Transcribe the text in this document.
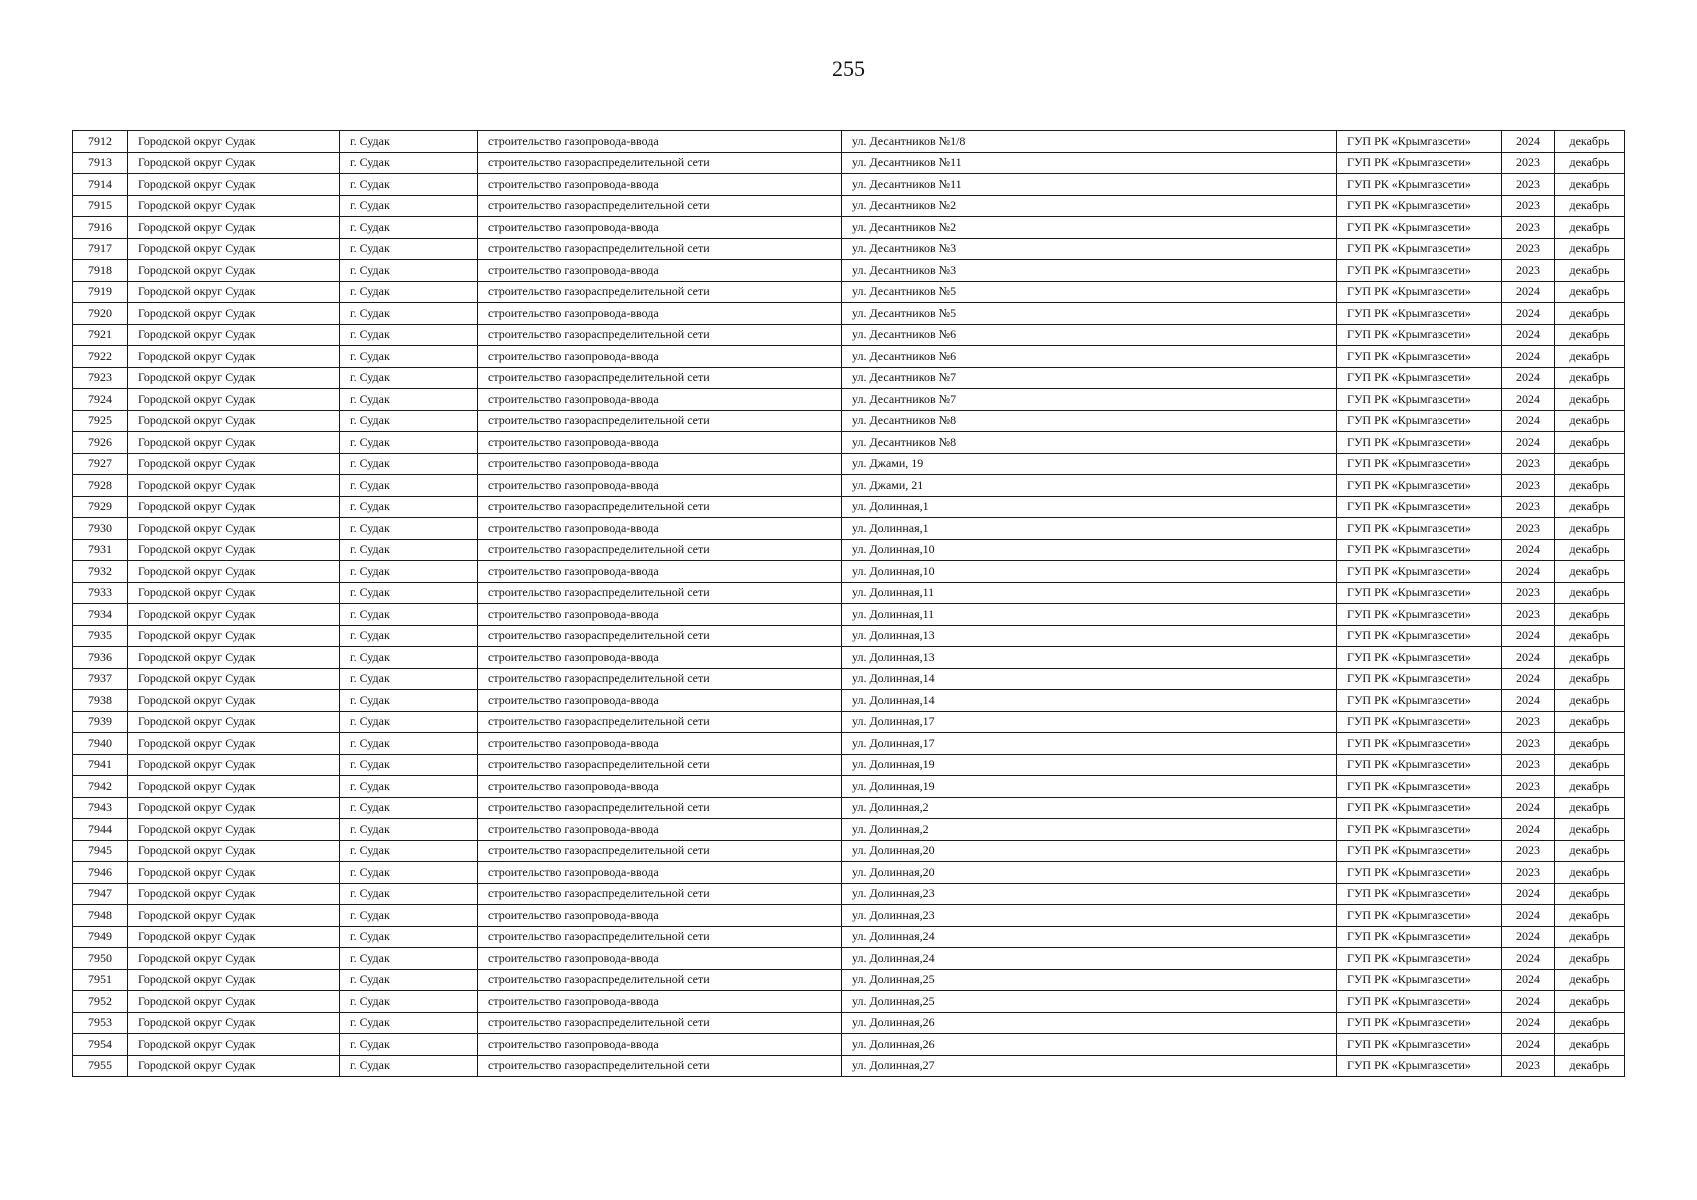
255
7912	Городской округ Судак	г. Судак	строительство газопровода-ввода	ул. Десантников №1/8	ГУП РК «Крымгазсети»	2024	декабрь
7913	Городской округ Судак	г. Судак	строительство газораспределительной сети	ул. Десантников №11	ГУП РК «Крымгазсети»	2023	декабрь
7914	Городской округ Судак	г. Судак	строительство газопровода-ввода	ул. Десантников №11	ГУП РК «Крымгазсети»	2023	декабрь
7915	Городской округ Судак	г. Судак	строительство газораспределительной сети	ул. Десантников №2	ГУП РК «Крымгазсети»	2023	декабрь
7916	Городской округ Судак	г. Судак	строительство газопровода-ввода	ул. Десантников №2	ГУП РК «Крымгазсети»	2023	декабрь
7917	Городской округ Судак	г. Судак	строительство газораспределительной сети	ул. Десантников №3	ГУП РК «Крымгазсети»	2023	декабрь
7918	Городской округ Судак	г. Судак	строительство газопровода-ввода	ул. Десантников №3	ГУП РК «Крымгазсети»	2023	декабрь
7919	Городской округ Судак	г. Судак	строительство газораспределительной сети	ул. Десантников №5	ГУП РК «Крымгазсети»	2024	декабрь
7920	Городской округ Судак	г. Судак	строительство газопровода-ввода	ул. Десантников №5	ГУП РК «Крымгазсети»	2024	декабрь
7921	Городской округ Судак	г. Судак	строительство газораспределительной сети	ул. Десантников №6	ГУП РК «Крымгазсети»	2024	декабрь
7922	Городской округ Судак	г. Судак	строительство газопровода-ввода	ул. Десантников №6	ГУП РК «Крымгазсети»	2024	декабрь
7923	Городской округ Судак	г. Судак	строительство газораспределительной сети	ул. Десантников №7	ГУП РК «Крымгазсети»	2024	декабрь
7924	Городской округ Судак	г. Судак	строительство газопровода-ввода	ул. Десантников №7	ГУП РК «Крымгазсети»	2024	декабрь
7925	Городской округ Судак	г. Судак	строительство газораспределительной сети	ул. Десантников №8	ГУП РК «Крымгазсети»	2024	декабрь
7926	Городской округ Судак	г. Судак	строительство газопровода-ввода	ул. Десантников №8	ГУП РК «Крымгазсети»	2024	декабрь
7927	Городской округ Судак	г. Судак	строительство газопровода-ввода	ул. Джами, 19	ГУП РК «Крымгазсети»	2023	декабрь
7928	Городской округ Судак	г. Судак	строительство газопровода-ввода	ул. Джами, 21	ГУП РК «Крымгазсети»	2023	декабрь
7929	Городской округ Судак	г. Судак	строительство газораспределительной сети	ул. Долинная,1	ГУП РК «Крымгазсети»	2023	декабрь
7930	Городской округ Судак	г. Судак	строительство газопровода-ввода	ул. Долинная,1	ГУП РК «Крымгазсети»	2023	декабрь
7931	Городской округ Судак	г. Судак	строительство газораспределительной сети	ул. Долинная,10	ГУП РК «Крымгазсети»	2024	декабрь
7932	Городской округ Судак	г. Судак	строительство газопровода-ввода	ул. Долинная,10	ГУП РК «Крымгазсети»	2024	декабрь
7933	Городской округ Судак	г. Судак	строительство газораспределительной сети	ул. Долинная,11	ГУП РК «Крымгазсети»	2023	декабрь
7934	Городской округ Судак	г. Судак	строительство газопровода-ввода	ул. Долинная,11	ГУП РК «Крымгазсети»	2023	декабрь
7935	Городской округ Судак	г. Судак	строительство газораспределительной сети	ул. Долинная,13	ГУП РК «Крымгазсети»	2024	декабрь
7936	Городской округ Судак	г. Судак	строительство газопровода-ввода	ул. Долинная,13	ГУП РК «Крымгазсети»	2024	декабрь
7937	Городской округ Судак	г. Судак	строительство газораспределительной сети	ул. Долинная,14	ГУП РК «Крымгазсети»	2024	декабрь
7938	Городской округ Судак	г. Судак	строительство газопровода-ввода	ул. Долинная,14	ГУП РК «Крымгазсети»	2024	декабрь
7939	Городской округ Судак	г. Судак	строительство газораспределительной сети	ул. Долинная,17	ГУП РК «Крымгазсети»	2023	декабрь
7940	Городской округ Судак	г. Судак	строительство газопровода-ввода	ул. Долинная,17	ГУП РК «Крымгазсети»	2023	декабрь
7941	Городской округ Судак	г. Судак	строительство газораспределительной сети	ул. Долинная,19	ГУП РК «Крымгазсети»	2023	декабрь
7942	Городской округ Судак	г. Судак	строительство газопровода-ввода	ул. Долинная,19	ГУП РК «Крымгазсети»	2023	декабрь
7943	Городской округ Судак	г. Судак	строительство газораспределительной сети	ул. Долинная,2	ГУП РК «Крымгазсети»	2024	декабрь
7944	Городской округ Судак	г. Судак	строительство газопровода-ввода	ул. Долинная,2	ГУП РК «Крымгазсети»	2024	декабрь
7945	Городской округ Судак	г. Судак	строительство газораспределительной сети	ул. Долинная,20	ГУП РК «Крымгазсети»	2023	декабрь
7946	Городской округ Судак	г. Судак	строительство газопровода-ввода	ул. Долинная,20	ГУП РК «Крымгазсети»	2023	декабрь
7947	Городской округ Судак	г. Судак	строительство газораспределительной сети	ул. Долинная,23	ГУП РК «Крымгазсети»	2024	декабрь
7948	Городской округ Судак	г. Судак	строительство газопровода-ввода	ул. Долинная,23	ГУП РК «Крымгазсети»	2024	декабрь
7949	Городской округ Судак	г. Судак	строительство газораспределительной сети	ул. Долинная,24	ГУП РК «Крымгазсети»	2024	декабрь
7950	Городской округ Судак	г. Судак	строительство газопровода-ввода	ул. Долинная,24	ГУП РК «Крымгазсети»	2024	декабрь
7951	Городской округ Судак	г. Судак	строительство газораспределительной сети	ул. Долинная,25	ГУП РК «Крымгазсети»	2024	декабрь
7952	Городской округ Судак	г. Судак	строительство газопровода-ввода	ул. Долинная,25	ГУП РК «Крымгазсети»	2024	декабрь
7953	Городской округ Судак	г. Судак	строительство газораспределительной сети	ул. Долинная,26	ГУП РК «Крымгазсети»	2024	декабрь
7954	Городской округ Судак	г. Судак	строительство газопровода-ввода	ул. Долинная,26	ГУП РК «Крымгазсети»	2024	декабрь
7955	Городской округ Судак	г. Судак	строительство газораспределительной сети	ул. Долинная,27	ГУП РК «Крымгазсети»	2023	декабрь
